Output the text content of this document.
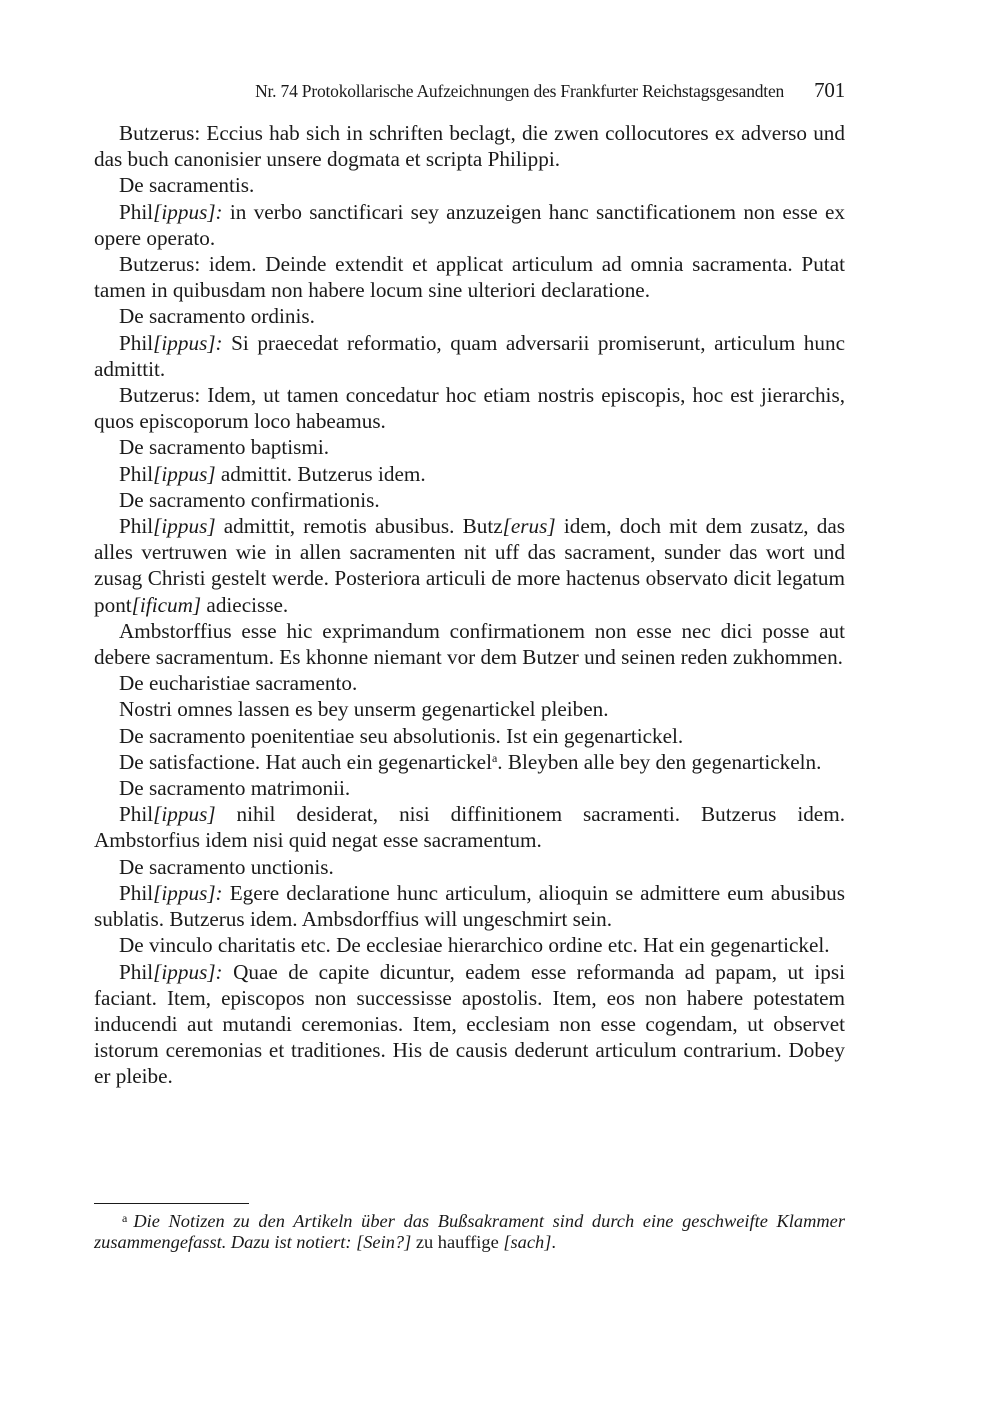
Nr. 74 Protokollarische Aufzeichnungen des Frankfurter Reichstagsgesandten 701

Butzerus: Eccius hab sich in schriften beclagt, die zwen collocutores ex adverso und das buch canonisier unsere dogmata et scripta Philippi.

De sacramentis.

Phil[ippus]: in verbo sanctificari sey anzuzeigen hanc sanctificationem non esse ex opere operato.

Butzerus: idem. Deinde extendit et applicat articulum ad omnia sacramenta. Putat tamen in quibusdam non habere locum sine ulteriori declaratione.

De sacramento ordinis.

Phil[ippus]: Si praecedat reformatio, quam adversarii promiserunt, articulum hunc admittit.

Butzerus: Idem, ut tamen concedatur hoc etiam nostris episcopis, hoc est jierarchis, quos episcoporum loco habeamus.

De sacramento baptismi.

Phil[ippus] admittit. Butzerus idem.

De sacramento confirmationis.

Phil[ippus] admittit, remotis abusibus. Butz[erus] idem, doch mit dem zusatz, das alles vertruwen wie in allen sacramenten nit uff das sacrament, sunder das wort und zusag Christi gestelt werde. Posteriora articuli de more hactenus observato dicit legatum pont[ificum] adiecisse.

Ambstorffius esse hic exprimandum confirmationem non esse nec dici posse aut debere sacramentum. Es khonne niemant vor dem Butzer und seinen reden zukhommen.

De eucharistiae sacramento.

Nostri omnes lassen es bey unserm gegenartickel pleiben.

De sacramento poenitentiae seu absolutionis. Ist ein gegenartickel.

De satisfactione. Hat auch ein gegenartickel$^a$. Bleyben alle bey den gegenartickeln.

De sacramento matrimonii.

Phil[ippus] nihil desiderat, nisi diffinitionem sacramenti. Butzerus idem. Ambstorfius idem nisi quid negat esse sacramentum.

De sacramento unctionis.

Phil[ippus]: Egere declaratione hunc articulum, alioquin se admittere eum abusibus sublatis. Butzerus idem. Ambsdorffius will ungeschmirt sein.

De vinculo charitatis etc. De ecclesiae hierarchico ordine etc. Hat ein gegenartickel.

Phil[ippus]: Quae de capite dicuntur, eadem esse reformanda ad papam, ut ipsi faciant. Item, episcopos non successisse apostolis. Item, eos non habere potestatem inducendi aut mutandi ceremonias. Item, ecclesiam non esse cogendam, ut observet istorum ceremonias et traditiones. His de causis dederunt articulum contrarium. Dobey er pleibe.

$^a$ Die Notizen zu den Artikeln über das Bußsakrament sind durch eine geschweifte Klammer zusammengefasst. Dazu ist notiert: [Sein?] zu hauffige [sach].
